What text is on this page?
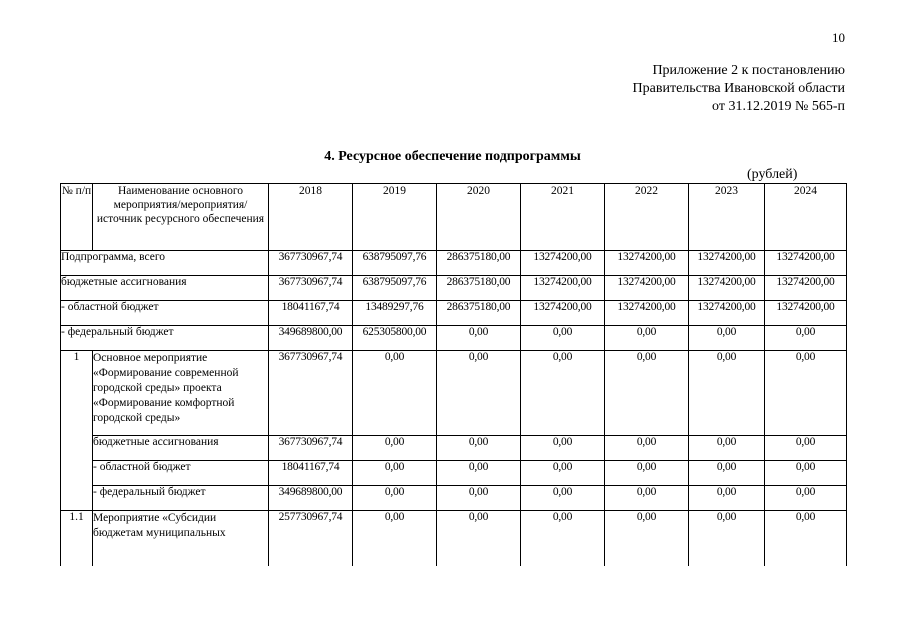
10
Приложение 2 к постановлению
Правительства Ивановской области
от 31.12.2019 № 565-п
4. Ресурсное обеспечение подпрограммы
(рублей)
№ п/п	Наименование основного мероприятия/мероприятия/ источник ресурсного обеспечения	2018	2019	2020	2021	2022	2023	2024
Подпрограмма, всего		367730967,74	638795097,76	286375180,00	13274200,00	13274200,00	13274200,00	13274200,00
бюджетные ассигнования		367730967,74	638795097,76	286375180,00	13274200,00	13274200,00	13274200,00	13274200,00
- областной бюджет		18041167,74	13489297,76	286375180,00	13274200,00	13274200,00	13274200,00	13274200,00
- федеральный бюджет		349689800,00	625305800,00	0,00	0,00	0,00	0,00	0,00
1	Основное мероприятие «Формирование современной городской среды» проекта «Формирование комфортной городской среды»	367730967,74	0,00	0,00	0,00	0,00	0,00	0,00
	бюджетные ассигнования	367730967,74	0,00	0,00	0,00	0,00	0,00	0,00
	- областной бюджет	18041167,74	0,00	0,00	0,00	0,00	0,00	0,00
	- федеральный бюджет	349689800,00	0,00	0,00	0,00	0,00	0,00	0,00
1.1	Мероприятие «Субсидии бюджетам муниципальных	257730967,74	0,00	0,00	0,00	0,00	0,00	0,00
